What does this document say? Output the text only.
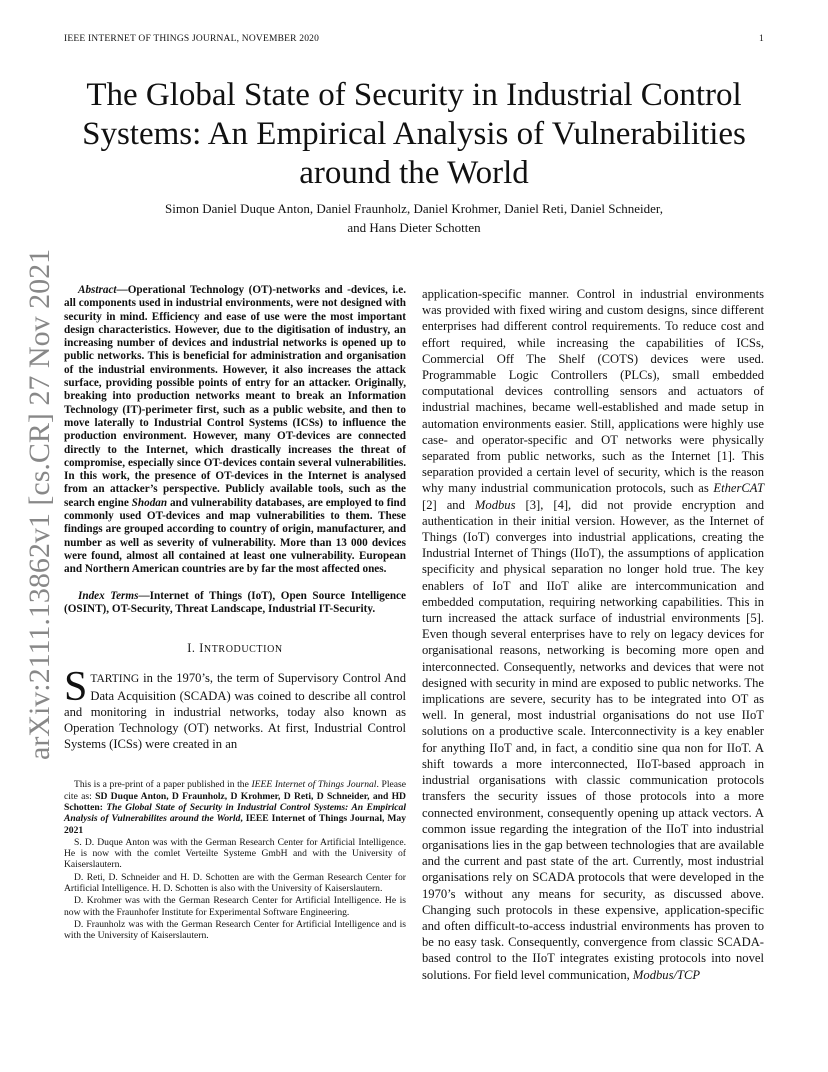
IEEE INTERNET OF THINGS JOURNAL, NOVEMBER 2020	1
The Global State of Security in Industrial Control Systems: An Empirical Analysis of Vulnerabilities around the World
Simon Daniel Duque Anton, Daniel Fraunholz, Daniel Krohmer, Daniel Reti, Daniel Schneider,
and Hans Dieter Schotten
arXiv:2111.13862v1 [cs.CR] 27 Nov 2021	Abstract—Operational Technology (OT)-networks and -devices, i.e. all components used in industrial environments, were not designed with security in mind. Efficiency and ease of use were the most important design characteristics. However, due to the digitisation of industry, an increasing number of devices and industrial networks is opened up to public networks. This is beneficial for administration and organisation of the industrial environments. However, it also increases the attack surface, providing possible points of entry for an attacker. Originally, breaking into production networks meant to break an Information Technology (IT)-perimeter first, such as a public website, and then to move laterally to Industrial Control Systems (ICSs) to influence the production environment. However, many OT-devices are connected directly to the Internet, which drastically increases the threat of compromise, especially since OT-devices contain several vulnerabilities. In this work, the presence of OT-devices in the Internet is analysed from an attacker’s perspective. Publicly available tools, such as the search engine Shodan and vulnerability databases, are employed to find commonly used OT-devices and map vulnerabilities to them. These findings are grouped according to country of origin, manufacturer, and number as well as severity of vulnerability. More than 13 000 devices were found, almost all contained at least one vulnerability. European and Northern American countries are by far the most affected ones.

Index Terms—Internet of Things (IoT), Open Source Intelligence (OSINT), OT-Security, Threat Landscape, Industrial IT-Security.

I. INTRODUCTION
STARTING in the 1970’s, the term of Supervisory Control And Data Acquisition (SCADA) was coined to describe all control and monitoring in industrial networks, today also known as Operation Technology (OT) networks. At first, Industrial Control Systems (ICSs) were created in an

This is a pre-print of a paper published in the IEEE Internet of Things Journal. Please cite as: SD Duque Anton, D Fraunholz, D Krohmer, D Reti, D Schneider, and HD Schotten: The Global State of Security in Industrial Control Systems: An Empirical Analysis of Vulnerabilites around the World, IEEE Internet of Things Journal, May 2021

S. D. Duque Anton was with the German Research Center for Artificial Intelligence. He is now with the comlet Verteilte Systeme GmbH and with the University of Kaiserslautern.

D. Reti, D. Schneider and H. D. Schotten are with the German Research Center for Artificial Intelligence. H. D. Schotten is also with the University of Kaiserslautern.

D. Krohmer was with the German Research Center for Artificial Intelligence. He is now with the Fraunhofer Institute for Experimental Software Engineering.

D. Fraunholz was with the German Research Center for Artificial Intelligence and is with the University of Kaiserslautern.

application-specific manner. Control in industrial environments was provided with fixed wiring and custom designs, since different enterprises had different control requirements. To reduce cost and effort required, while increasing the capabilities of ICSs, Commercial Off The Shelf (COTS) devices were used. Programmable Logic Controllers (PLCs), small embedded computational devices controlling sensors and actuators of industrial machines, became well-established and made setup in automation environments easier. Still, applications were highly use case- and operator-specific and OT networks were physically separated from public networks, such as the Internet [1]. This separation provided a certain level of security, which is the reason why many industrial communication protocols, such as EtherCAT [2] and Modbus [3], [4], did not provide encryption and authentication in their initial version. However, as the Internet of Things (IoT) converges into industrial applications, creating the Industrial Internet of Things (IIoT), the assumptions of application specificity and physical separation no longer hold true. The key enablers of IoT and IIoT alike are intercommunication and embedded computation, requiring networking capabilities. This in turn increased the attack surface of industrial environments [5]. Even though several enterprises have to rely on legacy devices for organisational reasons, networking is becoming more open and interconnected. Consequently, networks and devices that were not designed with security in mind are exposed to public networks. The implications are severe, security has to be integrated into OT as well. In general, most industrial organisations do not use IIoT solutions on a productive scale. Interconnectivity is a key enabler for anything IIoT and, in fact, a conditio sine qua non for IIoT. A shift towards a more interconnected, IIoT-based approach in industrial organisations with classic communication protocols transfers the security issues of those protocols into a more connected environment, consequently opening up attack vectors. A common issue regarding the integration of the IIoT into industrial organisations lies in the gap between technologies that are available and the current and past state of the art. Currently, most industrial organisations rely on SCADA protocols that were developed in the 1970’s without any means for security, as discussed above. Changing such protocols in these expensive, application-specific and often difficult-to-access industrial environments has proven to be no easy task. Consequently, convergence from classic SCADA-based control to the IIoT integrates existing protocols into novel solutions. For field level communication, Modbus/TCP
